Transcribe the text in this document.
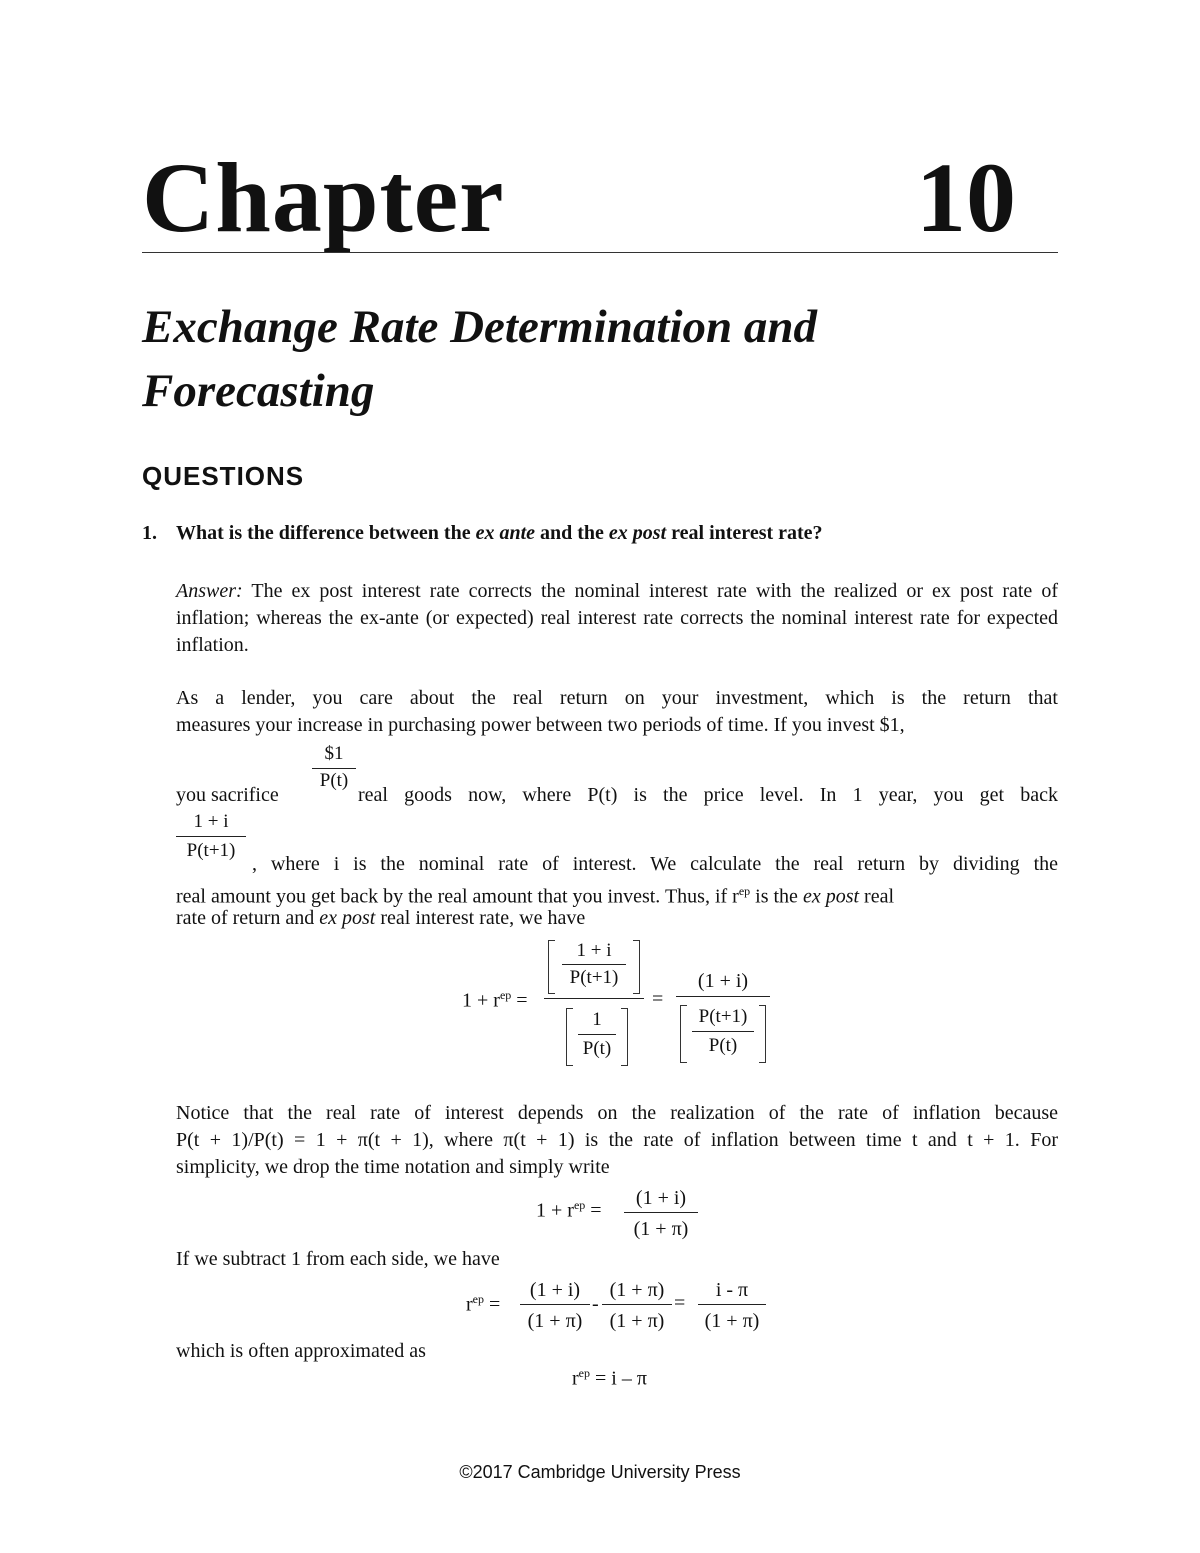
Chapter	10
Exchange Rate Determination and
Forecasting
QUESTIONS
1. What is the difference between the ex ante and the ex post real interest rate?
Answer: The ex post interest rate corrects the nominal interest rate with the realized or ex post rate of inflation; whereas the ex-ante (or expected) real interest rate corrects the nominal interest rate for expected inflation.
As a lender, you care about the real return on your investment, which is the return that
measures your increase in purchasing power between two periods of time. If you invest $1,
$\frac{\$1}{P(t)}$
you sacrifice	real goods now, where P(t) is the price level. In 1 year, you get back
$\frac{1 + i}{P(t+1)}$ , where i is the nominal rate of interest. We calculate the real return by dividing the
real amount you get back by the real amount that you invest. Thus, if $r^{ep}$ is the ex post real
rate of return and ex post real interest rate, we have
$1 + r^{ep}$ =
1 + i
P(t+1)
1
P(t)
=
(1 + i)
P(t+1)
P(t)
Notice that the real rate of interest depends on the realization of the rate of inflation because
P(t + 1)/P(t) = 1 + π(t + 1), where π(t + 1) is the rate of inflation between time t and t + 1. For
simplicity, we drop the time notation and simply write
$1 + r^{ep} = \frac{(1 + i)}{(1 + \pi)}$
If we subtract 1 from each side, we have
$r^{ep} = \frac{(1 + i)}{(1 + \pi)} - \frac{(1 + \pi)}{(1 + \pi)} = \frac{i - \pi}{(1 + \pi)}$
which is often approximated as
$r^{ep} = i - \pi$
©2017 Cambridge University Press
